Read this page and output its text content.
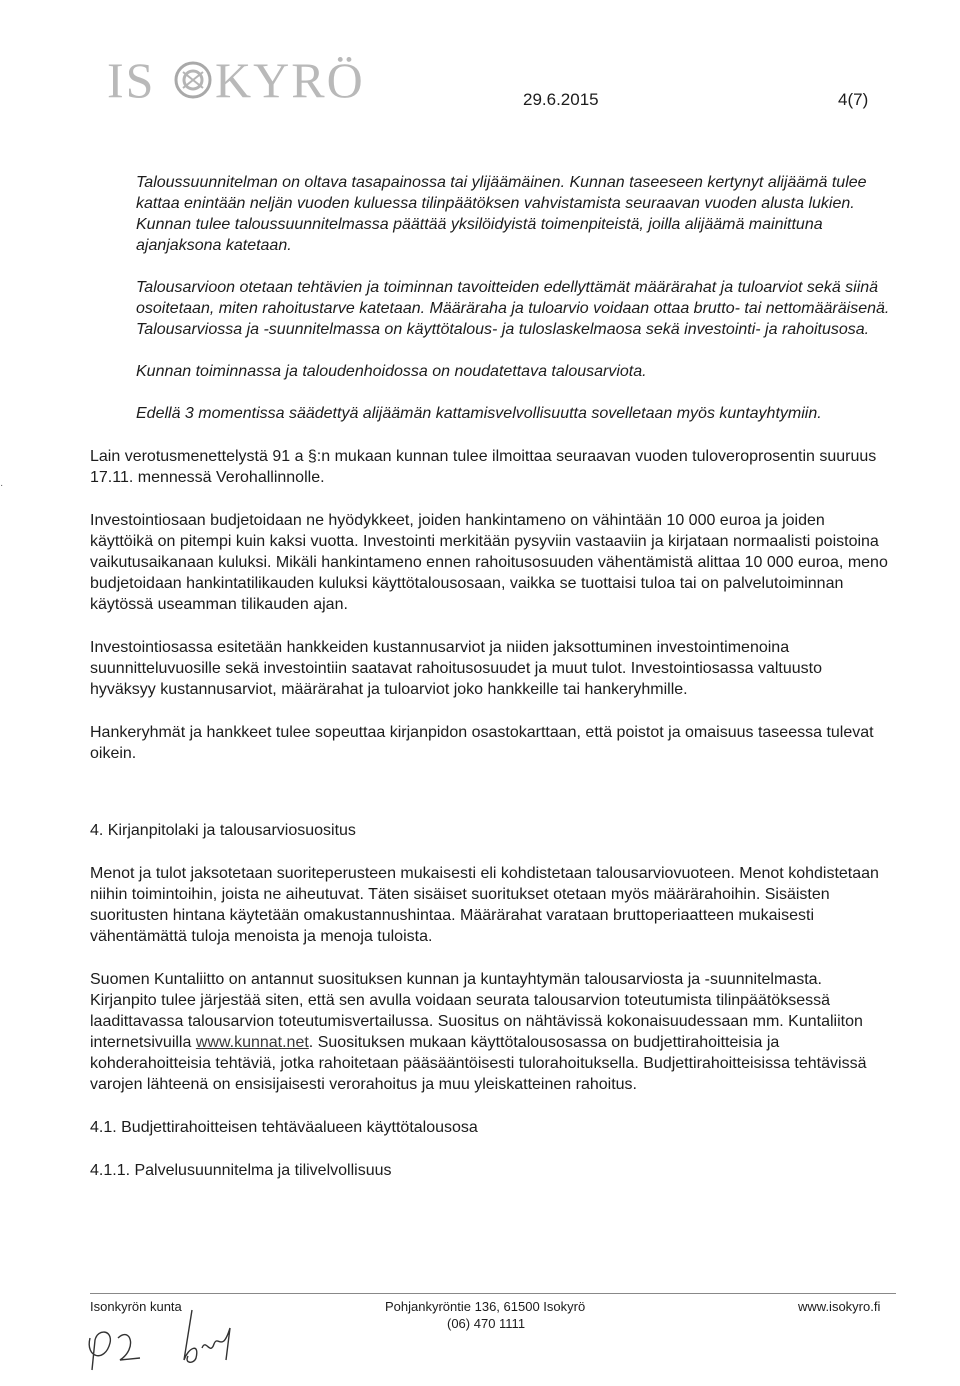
IS KYRÖ	29.6.2015	4(7)
·

Taloussuunnitelman on oltava tasapainossa tai ylijäämäinen. Kunnan taseeseen kertynyt alijäämä tulee kattaa enintään neljän vuoden kuluessa tilinpäätöksen vahvistamista seuraavan vuoden alusta lukien. Kunnan tulee taloussuunnitelmassa päättää yksilöidyistä toimenpiteistä, joilla alijäämä mainittuna ajanjaksona katetaan.

Talousarvioon otetaan tehtävien ja toiminnan tavoitteiden edellyttämät määrärahat ja tuloarviot sekä siinä osoitetaan, miten rahoitustarve katetaan. Määräraha ja tuloarvio voidaan ottaa brutto- tai nettomääräisenä. Talousarviossa ja -suunnitelmassa on käyttötalous- ja tuloslaskelmaosa sekä investointi- ja rahoitusosa.

Kunnan toiminnassa ja taloudenhoidossa on noudatettava talousarviota.

Edellä 3 momentissa säädettyä alijäämän kattamisvelvollisuutta sovelletaan myös kuntayhtymiin.

Lain verotusmenettelystä 91 a §:n mukaan kunnan tulee ilmoittaa seuraavan vuoden tuloveroprosentin suuruus 17.11. mennessä Verohallinnolle.

Investointiosaan budjetoidaan ne hyödykkeet, joiden hankintameno on vähintään 10 000 euroa ja joiden käyttöikä on pitempi kuin kaksi vuotta. Investointi merkitään pysyviin vastaaviin ja kirjataan normaalisti poistoina vaikutusaikanaan kuluksi. Mikäli hankintameno ennen rahoitusosuuden vähentämistä alittaa 10 000 euroa, meno budjetoidaan hankintatilikauden kuluksi käyttötalousosaan, vaikka se tuottaisi tuloa tai on palvelutoiminnan käytössä useamman tilikauden ajan.

Investointiosassa esitetään hankkeiden kustannusarviot ja niiden jaksottuminen investointimenoina suunnitteluvuosille sekä investointiin saatavat rahoitusosuudet ja muut tulot. Investointiosassa valtuusto hyväksyy kustannusarviot, määrärahat ja tuloarviot joko hankkeille tai hankeryhmille.

Hankeryhmät ja hankkeet tulee sopeuttaa kirjanpidon osastokarttaan, että poistot ja omaisuus taseessa tulevat oikein.

4. Kirjanpitolaki ja talousarviosuositus

Menot ja tulot jaksotetaan suoriteperusteen mukaisesti eli kohdistetaan talousarviovuoteen. Menot kohdistetaan niihin toimintoihin, joista ne aiheutuvat. Täten sisäiset suoritukset otetaan myös määrärahoihin. Sisäisten suoritusten hintana käytetään omakustannushintaa. Määrärahat varataan bruttoperiaatteen mukaisesti vähentämättä tuloja menoista ja menoja tuloista.

Suomen Kuntaliitto on antannut suosituksen kunnan ja kuntayhtymän talousarviosta ja -suunnitelmasta. Kirjanpito tulee järjestää siten, että sen avulla voidaan seurata talousarvion toteutumista tilinpäätöksessä laadittavassa talousarvion toteutumisvertailussa. Suositus on nähtävissä kokonaisuudessaan mm. Kuntaliiton internetsivuilla www.kunnat.net. Suosituksen mukaan käyttötalousosassa on budjettirahoitteisia ja kohderahoitteisia tehtäviä, jotka rahoitetaan pääsääntöisesti tulorahoituksella. Budjettirahoitteisissa tehtävissä varojen lähteenä on ensisijaisesti verorahoitus ja muu yleiskatteinen rahoitus.

4.1. Budjettirahoitteisen tehtäväalueen käyttötalousosa

4.1.1. Palvelusuunnitelma ja tilivelvollisuus

Isonkyrön kunta	Pohjankyröntie 136, 61500 Isokyrö
(06) 470 1111
www.isokyro.fi
